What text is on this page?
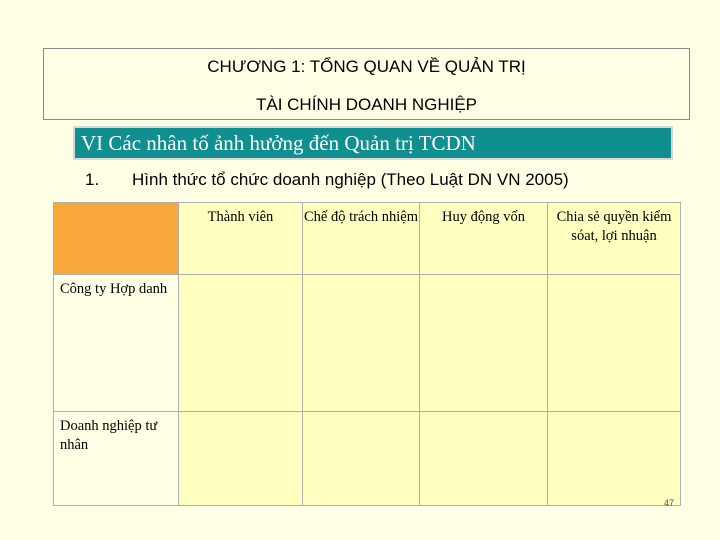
CHƯƠNG 1: TỔNG QUAN VỀ QUẢN TRỊ
TÀI CHÍNH DOANH NGHIỆP
VI Các nhân tố ảnh hưởng đến Quản trị TCDN
1. Hình thức tổ chức doanh nghiệp (Theo Luật DN VN 2005)
	Thành viên	Chế độ trách nhiệm	Huy động vốn	Chia sẻ quyền kiểm sóat, lợi nhuận
Công ty Hợp danh				
Doanh nghiệp tư nhân				
47
